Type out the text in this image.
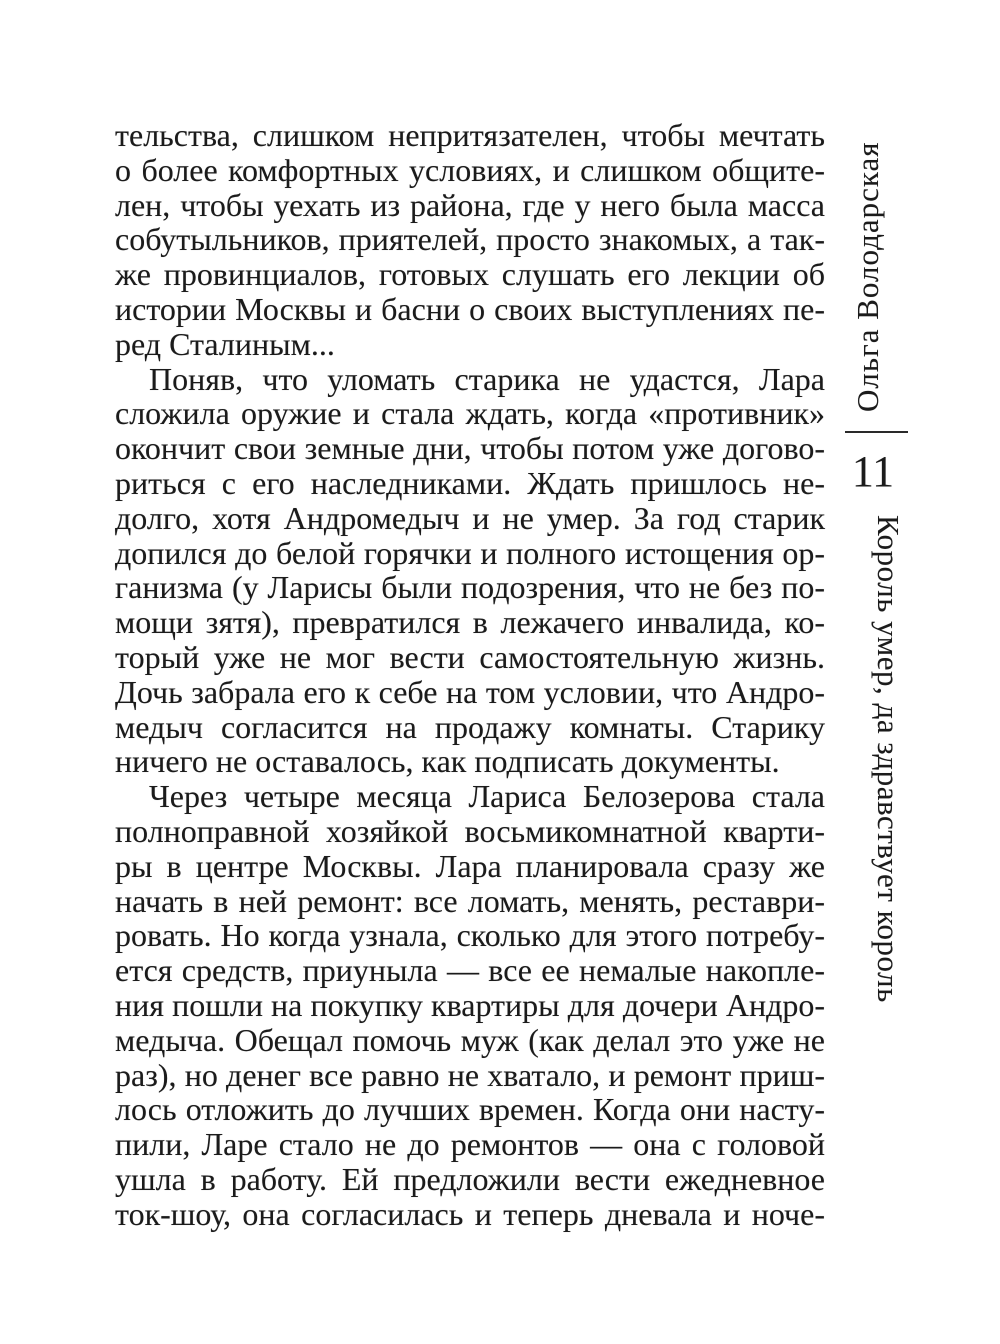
тельства, слишком непритязателен, чтобы мечтать
о более комфортных условиях, и слишком общите-
лен, чтобы уехать из района, где у него была масса
собутыльников, приятелей, просто знакомых, а так-
же провинциалов, готовых слушать его лекции об
истории Москвы и басни о своих выступлениях пе-
ред Сталиным...
Поняв, что уломать старика не удастся, Лара
сложила оружие и стала ждать, когда «противник»
окончит свои земные дни, чтобы потом уже догово-
риться с его наследниками. Ждать пришлось не-
долго, хотя Андромедыч и не умер. За год старик
допился до белой горячки и полного истощения ор-
ганизма (у Ларисы были подозрения, что не без по-
мощи зятя), превратился в лежачего инвалида, ко-
торый уже не мог вести самостоятельную жизнь.
Дочь забрала его к себе на том условии, что Андро-
медыч согласится на продажу комнаты. Старику
ничего не оставалось, как подписать документы.
Через четыре месяца Лариса Белозерова стала
полноправной хозяйкой восьмикомнатной кварти-
ры в центре Москвы. Лара планировала сразу же
начать в ней ремонт: все ломать, менять, реставри-
ровать. Но когда узнала, сколько для этого потребу-
ется средств, приуныла — все ее немалые накопле-
ния пошли на покупку квартиры для дочери Андро-
медыча. Обещал помочь муж (как делал это уже не
раз), но денег все равно не хватало, и ремонт приш-
лось отложить до лучших времен. Когда они насту-
пили, Ларе стало не до ремонтов — она с головой
ушла в работу. Ей предложили вести ежедневное
ток-шоу, она согласилась и теперь дневала и ноче-
Ольга Володарская
11
Король умер, да здравствует король
